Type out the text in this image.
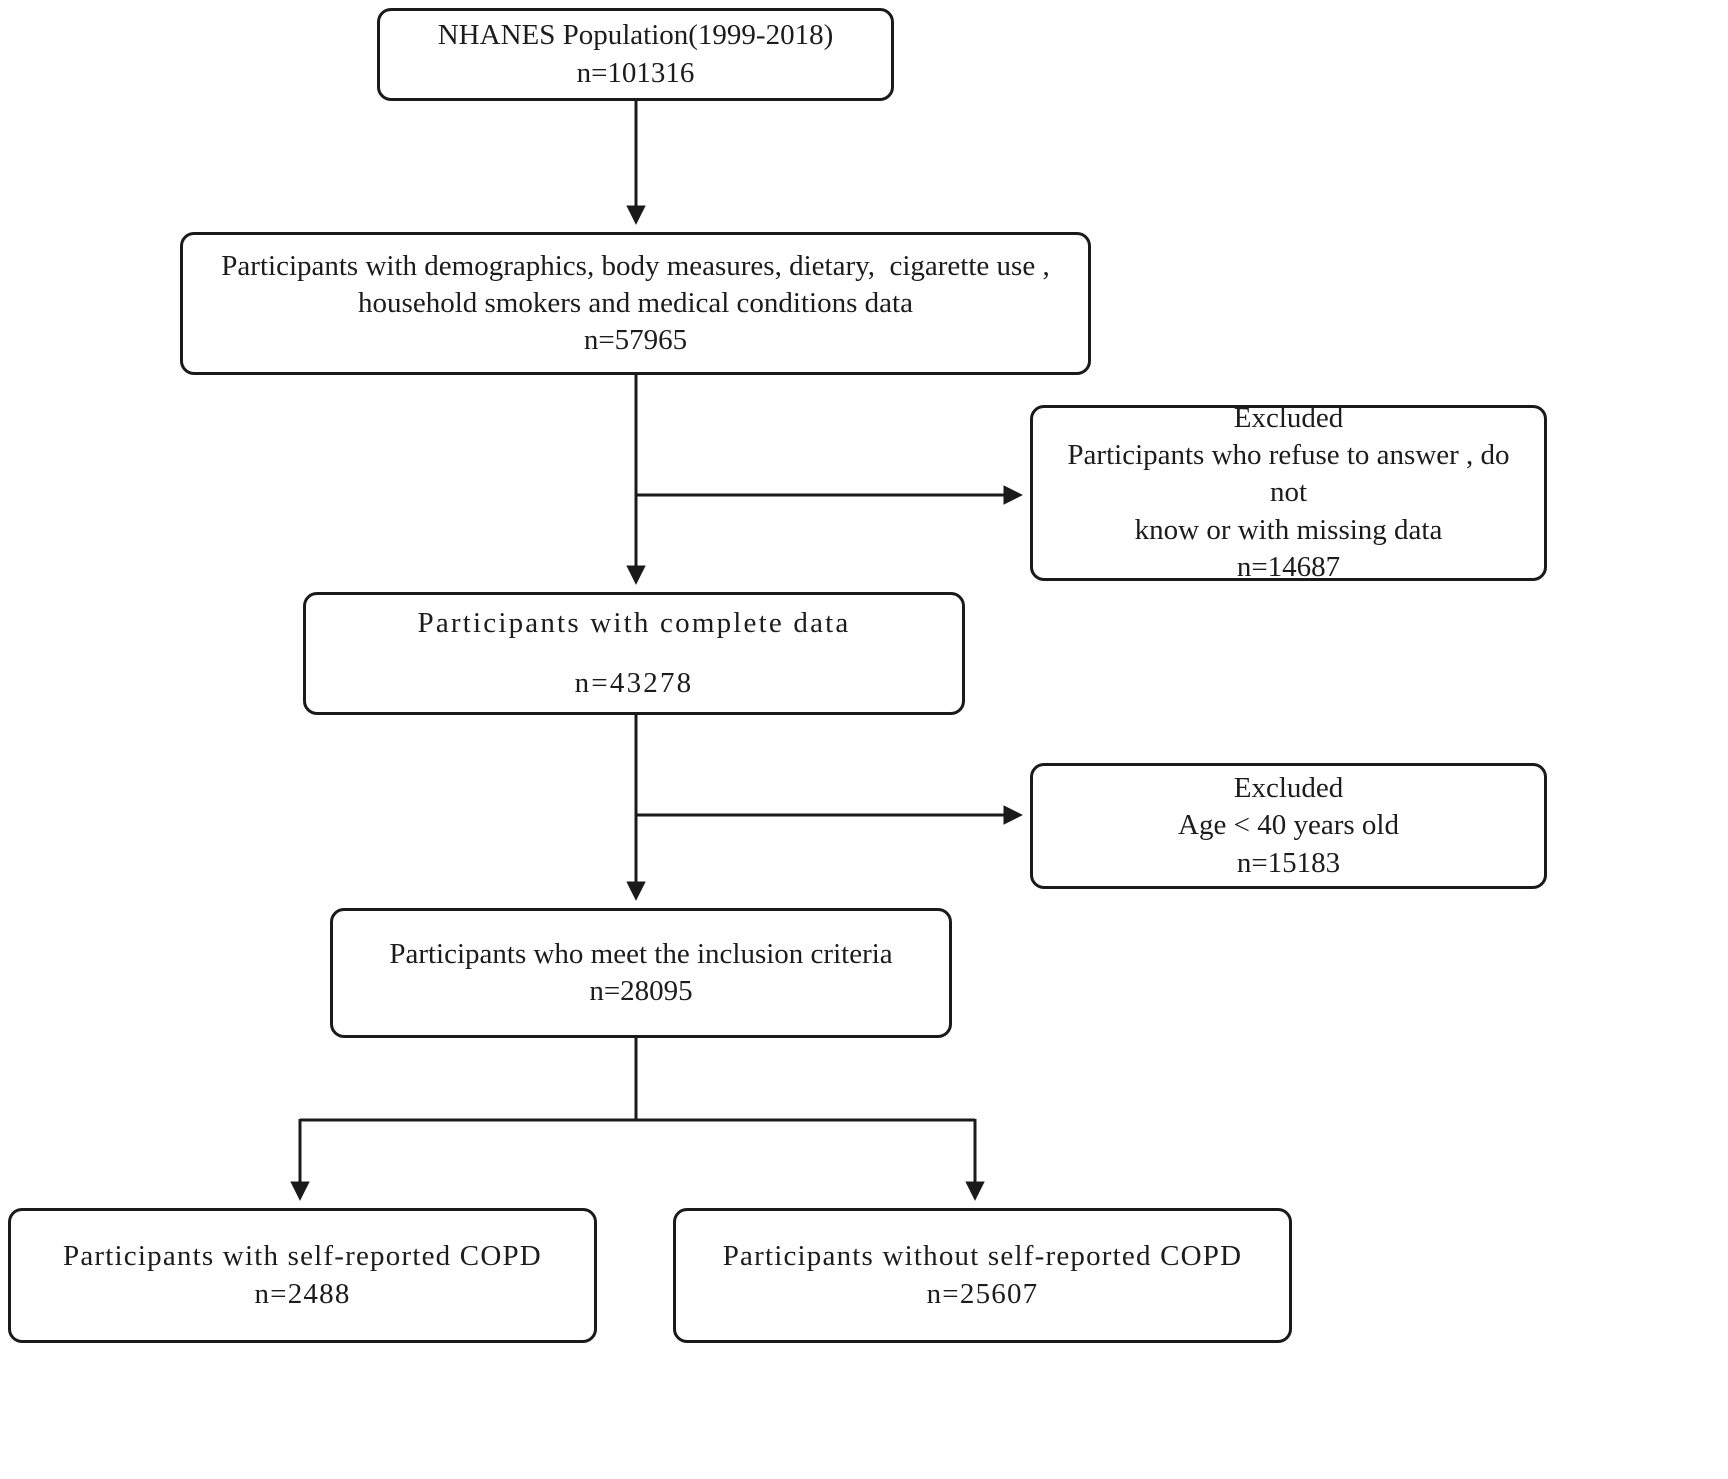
NHANES Population(1999-2018)
n=101316
Participants with demographics, body measures, dietary,  cigarette use ,
household smokers and medical conditions data
n=57965
Excluded
Participants who refuse to answer , do not
know or with missing data
n=14687
Participants with complete data
n=43278
Excluded
Age < 40 years old
n=15183
Participants who meet the inclusion criteria
n=28095
Participants with self-reported COPD
n=2488
Participants without self-reported COPD
n=25607
